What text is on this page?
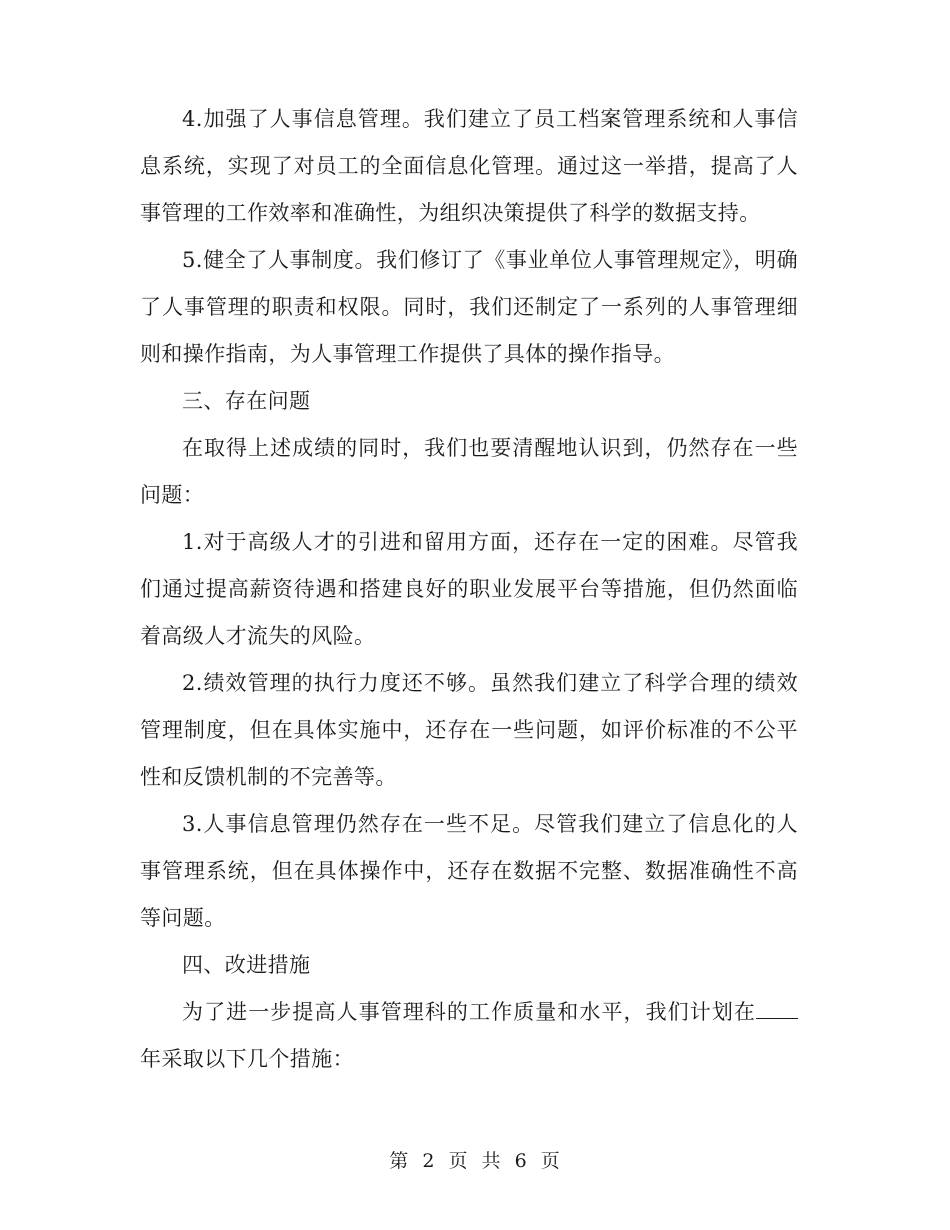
4.加强了人事信息管理。我们建立了员工档案管理系统和人事信息系统，实现了对员工的全面信息化管理。通过这一举措，提高了人事管理的工作效率和准确性，为组织决策提供了科学的数据支持。

5.健全了人事制度。我们修订了《事业单位人事管理规定》，明确了人事管理的职责和权限。同时，我们还制定了一系列的人事管理细则和操作指南，为人事管理工作提供了具体的操作指导。

三、存在问题

在取得上述成绩的同时，我们也要清醒地认识到，仍然存在一些问题：

1.对于高级人才的引进和留用方面，还存在一定的困难。尽管我们通过提高薪资待遇和搭建良好的职业发展平台等措施，但仍然面临着高级人才流失的风险。

2.绩效管理的执行力度还不够。虽然我们建立了科学合理的绩效管理制度，但在具体实施中，还存在一些问题，如评价标准的不公平性和反馈机制的不完善等。

3.人事信息管理仍然存在一些不足。尽管我们建立了信息化的人事管理系统，但在具体操作中，还存在数据不完整、数据准确性不高等问题。

四、改进措施

为了进一步提高人事管理科的工作质量和水平，我们计划在年采取以下几个措施：

第 2 页 共 6 页
